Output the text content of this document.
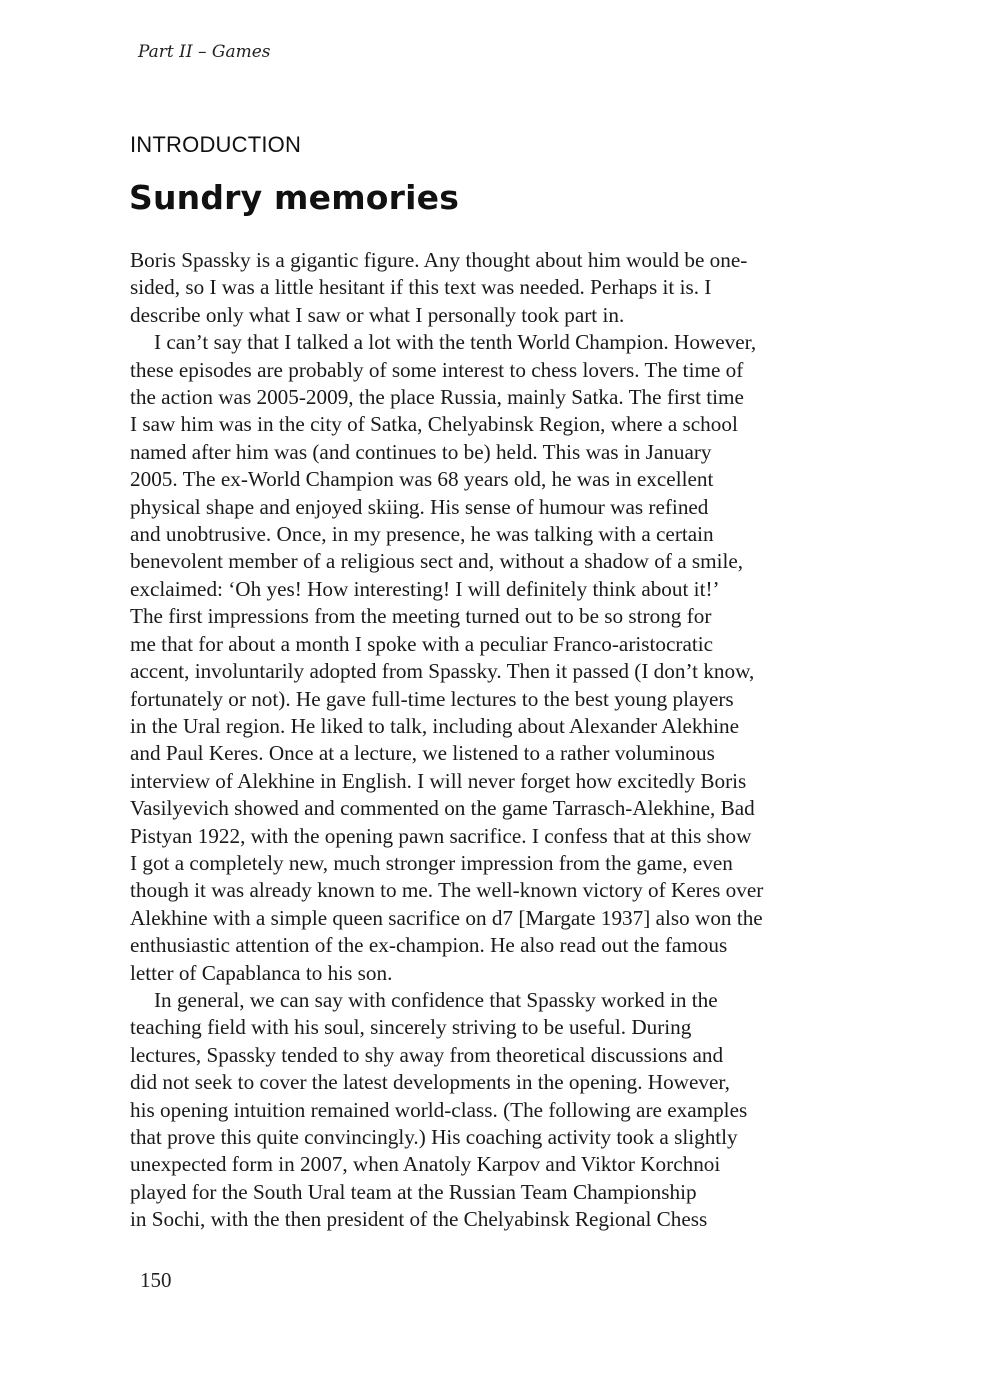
Part II – Games
INTRODUCTION
Sundry memories
Boris Spassky is a gigantic figure. Any thought about him would be one-
sided, so I was a little hesitant if this text was needed. Perhaps it is. I
describe only what I saw or what I personally took part in.
I can’t say that I talked a lot with the tenth World Champion. However,
these episodes are probably of some interest to chess lovers. The time of
the action was 2005-2009, the place Russia, mainly Satka. The first time
I saw him was in the city of Satka, Chelyabinsk Region, where a school
named after him was (and continues to be) held. This was in January
2005. The ex-World Champion was 68 years old, he was in excellent
physical shape and enjoyed skiing. His sense of humour was refined
and unobtrusive. Once, in my presence, he was talking with a certain
benevolent member of a religious sect and, without a shadow of a smile,
exclaimed: ‘Oh yes! How interesting! I will definitely think about it!’
The first impressions from the meeting turned out to be so strong for
me that for about a month I spoke with a peculiar Franco-aristocratic
accent, involuntarily adopted from Spassky. Then it passed (I don’t know,
fortunately or not). He gave full-time lectures to the best young players
in the Ural region. He liked to talk, including about Alexander Alekhine
and Paul Keres. Once at a lecture, we listened to a rather voluminous
interview of Alekhine in English. I will never forget how excitedly Boris
Vasilyevich showed and commented on the game Tarrasch-Alekhine, Bad
Pistyan 1922, with the opening pawn sacrifice. I confess that at this show
I got a completely new, much stronger impression from the game, even
though it was already known to me. The well-known victory of Keres over
Alekhine with a simple queen sacrifice on d7 [Margate 1937] also won the
enthusiastic attention of the ex-champion. He also read out the famous
letter of Capablanca to his son.
In general, we can say with confidence that Spassky worked in the
teaching field with his soul, sincerely striving to be useful. During
lectures, Spassky tended to shy away from theoretical discussions and
did not seek to cover the latest developments in the opening. However,
his opening intuition remained world-class. (The following are examples
that prove this quite convincingly.) His coaching activity took a slightly
unexpected form in 2007, when Anatoly Karpov and Viktor Korchnoi
played for the South Ural team at the Russian Team Championship
in Sochi, with the then president of the Chelyabinsk Regional Chess
150
